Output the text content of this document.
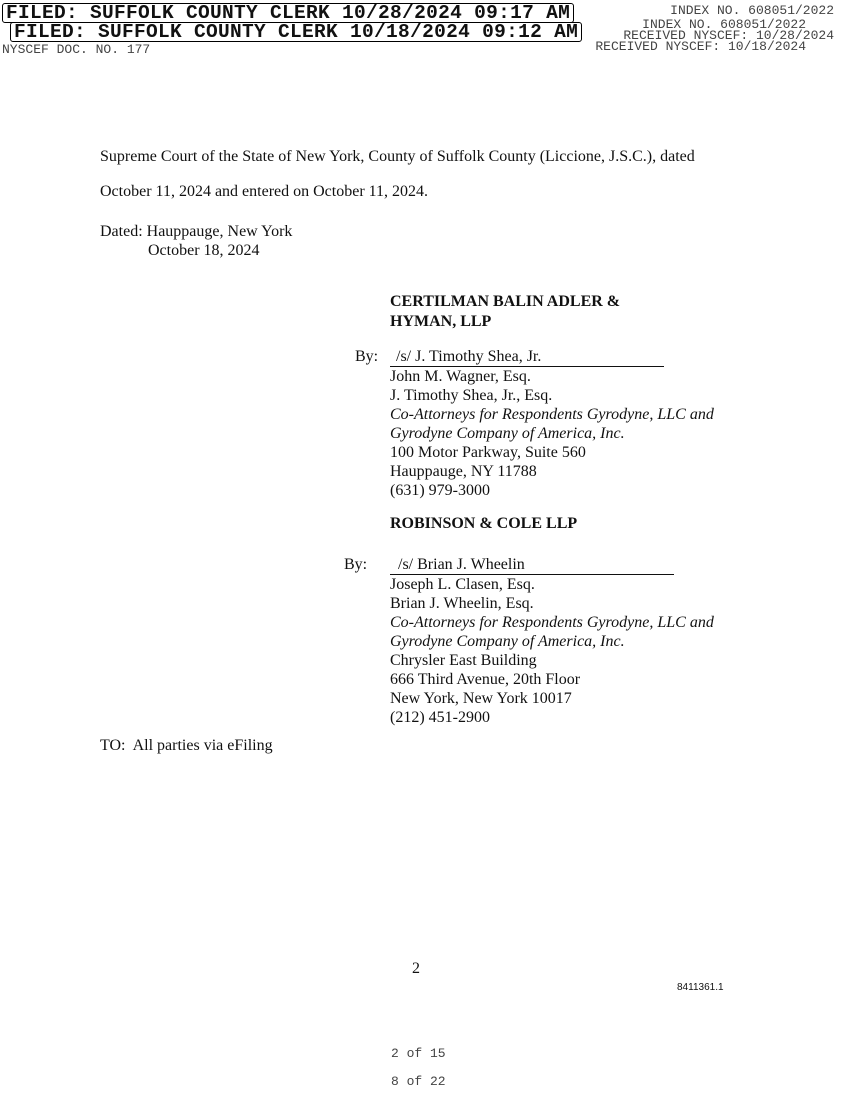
FILED: SUFFOLK COUNTY CLERK 10/28/2024 09:17 AM
FILED: SUFFOLK COUNTY CLERK 10/18/2024 09:12 AM
NYSCEF DOC. NO. 177
INDEX NO. 608051/2022
INDEX NO. 608051/2022
RECEIVED NYSCEF: 10/28/2024
RECEIVED NYSCEF: 10/18/2024
Supreme Court of the State of New York, County of Suffolk County (Liccione, J.S.C.), dated
October 11, 2024 and entered on October 11, 2024.
Dated: Hauppauge, New York
October 18, 2024
CERTILMAN BALIN ADLER &
HYMAN, LLP
By:	/s/ J. Timothy Shea, Jr.
John M. Wagner, Esq.
J. Timothy Shea, Jr., Esq.
Co-Attorneys for Respondents Gyrodyne, LLC and
Gyrodyne Company of America, Inc.
100 Motor Parkway, Suite 560
Hauppauge, NY 11788
(631) 979-3000
ROBINSON & COLE LLP
By:	/s/ Brian J. Wheelin
Joseph L. Clasen, Esq.
Brian J. Wheelin, Esq.
Co-Attorneys for Respondents Gyrodyne, LLC and
Gyrodyne Company of America, Inc.
Chrysler East Building
666 Third Avenue, 20th Floor
New York, New York 10017
(212) 451-2900
TO:  All parties via eFiling
2
8411361.1
2 of 15
8 of 22
